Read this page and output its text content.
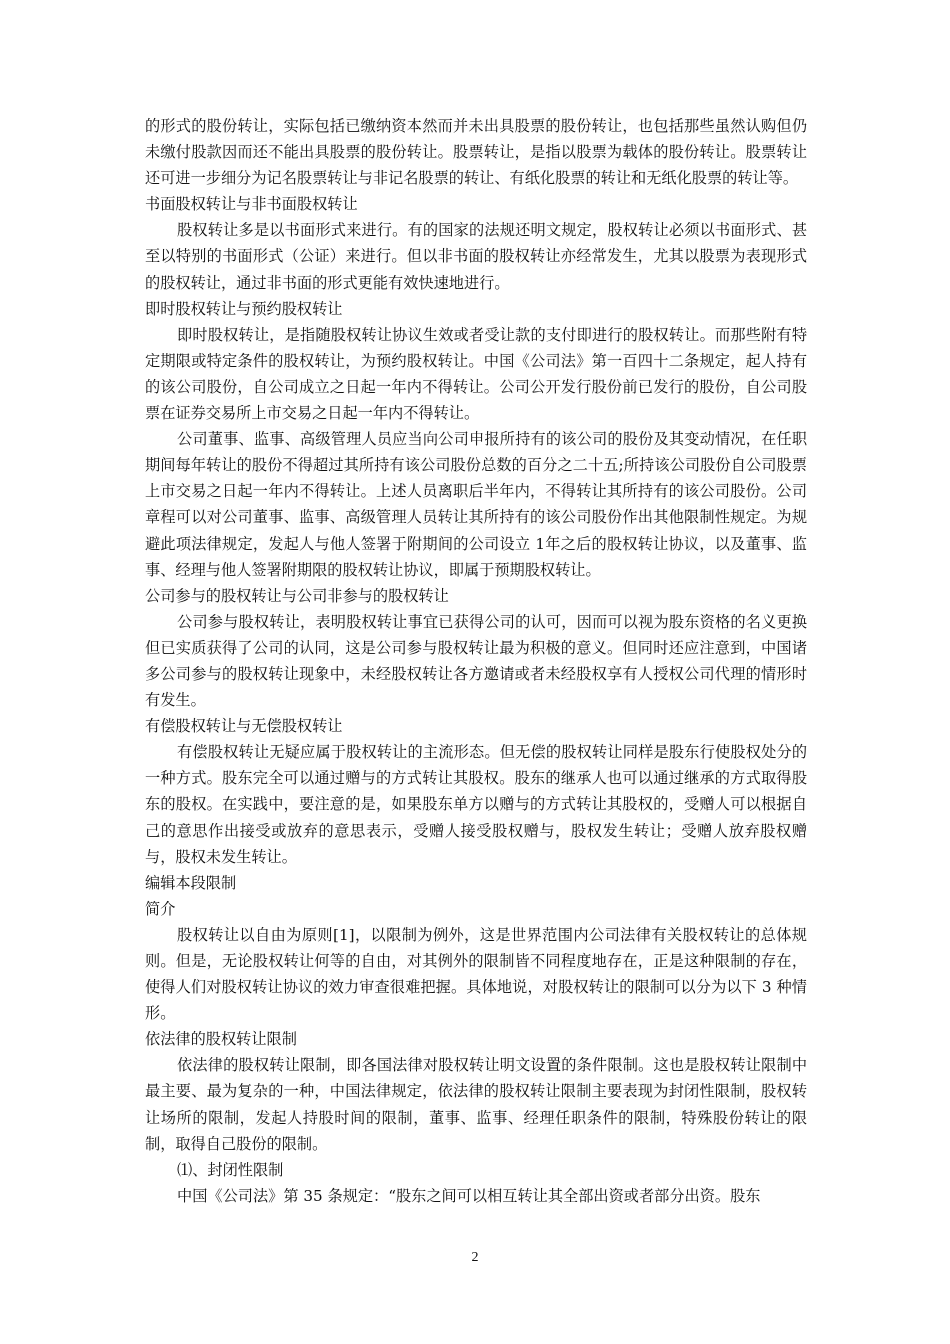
的形式的股份转让，实际包括已缴纳资本然而并未出具股票的股份转让，也包括那些虽然认购但仍未缴付股款因而还不能出具股票的股份转让。股票转让，是指以股票为载体的股份转让。股票转让还可进一步细分为记名股票转让与非记名股票的转让、有纸化股票的转让和无纸化股票的转让等。

书面股权转让与非书面股权转让

股权转让多是以书面形式来进行。有的国家的法规还明文规定，股权转让必须以书面形式、甚至以特别的书面形式（公证）来进行。但以非书面的股权转让亦经常发生，尤其以股票为表现形式的股权转让，通过非书面的形式更能有效快速地进行。

即时股权转让与预约股权转让

即时股权转让，是指随股权转让协议生效或者受让款的支付即进行的股权转让。而那些附有特定期限或特定条件的股权转让，为预约股权转让。中国《公司法》第一百四十二条规定，起人持有的该公司股份，自公司成立之日起一年内不得转让。公司公开发行股份前已发行的股份，自公司股票在证券交易所上市交易之日起一年内不得转让。

公司董事、监事、高级管理人员应当向公司申报所持有的该公司的股份及其变动情况，在任职期间每年转让的股份不得超过其所持有该公司股份总数的百分之二十五;所持该公司股份自公司股票上市交易之日起一年内不得转让。上述人员离职后半年内，不得转让其所持有的该公司股份。公司章程可以对公司董事、监事、高级管理人员转让其所持有的该公司股份作出其他限制性规定。为规避此项法律规定，发起人与他人签署于附期间的公司设立 1年之后的股权转让协议，以及董事、监事、经理与他人签署附期限的股权转让协议，即属于预期股权转让。

公司参与的股权转让与公司非参与的股权转让

公司参与股权转让，表明股权转让事宜已获得公司的认可，因而可以视为股东资格的名义更换但已实质获得了公司的认同，这是公司参与股权转让最为积极的意义。但同时还应注意到，中国诸多公司参与的股权转让现象中，未经股权转让各方邀请或者未经股权享有人授权公司代理的情形时有发生。

有偿股权转让与无偿股权转让

有偿股权转让无疑应属于股权转让的主流形态。但无偿的股权转让同样是股东行使股权处分的一种方式。股东完全可以通过赠与的方式转让其股权。股东的继承人也可以通过继承的方式取得股东的股权。在实践中，要注意的是，如果股东单方以赠与的方式转让其股权的，受赠人可以根据自己的意思作出接受或放弃的意思表示，受赠人接受股权赠与，股权发生转让；受赠人放弃股权赠与，股权未发生转让。

编辑本段限制

简介

股权转让以自由为原则[1]，以限制为例外，这是世界范围内公司法律有关股权转让的总体规则。但是，无论股权转让何等的自由，对其例外的限制皆不同程度地存在，正是这种限制的存在，使得人们对股权转让协议的效力审查很难把握。具体地说，对股权转让的限制可以分为以下 3 种情形。

依法律的股权转让限制

依法律的股权转让限制，即各国法律对股权转让明文设置的条件限制。这也是股权转让限制中最主要、最为复杂的一种，中国法律规定，依法律的股权转让限制主要表现为封闭性限制，股权转让场所的限制，发起人持股时间的限制，董事、监事、经理任职条件的限制，特殊股份转让的限制，取得自己股份的限制。

⑴、封闭性限制

中国《公司法》第 35 条规定：“股东之间可以相互转让其全部出资或者部分出资。股东

2
